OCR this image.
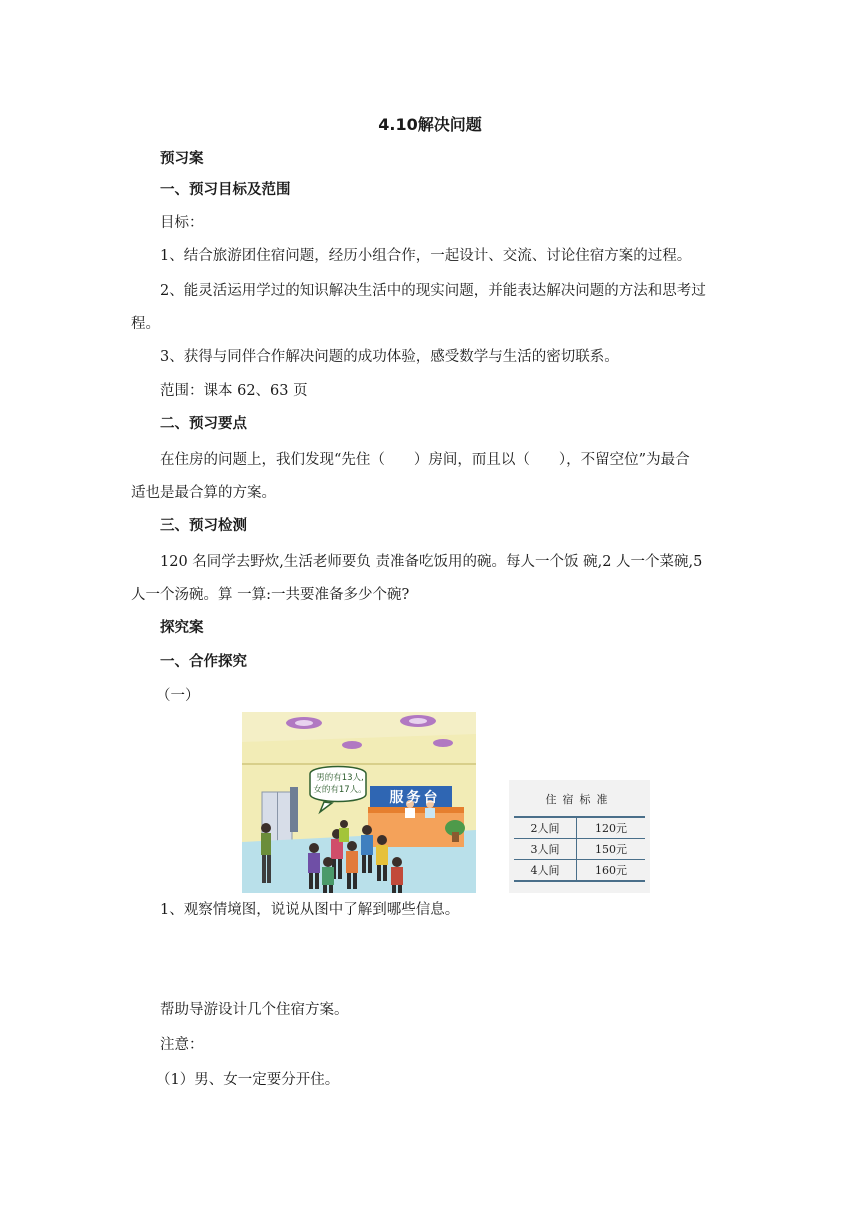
4.10解决问题
预习案
一、预习目标及范围
目标：
1、结合旅游团住宿问题，经历小组合作，一起设计、交流、讨论住宿方案的过程。
2、能灵活运用学过的知识解决生活中的现实问题，并能表达解决问题的方法和思考过
程。
3、获得与同伴合作解决问题的成功体验，感受数学与生活的密切联系。
范围：课本 62、63 页
二、预习要点
在住房的问题上，我们发现“先住（　　）房间，而且以（　　），不留空位”为最合
适也是最合算的方案。
三、预习检测
120 名同学去野炊,生活老师要负 责准备吃饭用的碗。每人一个饭 碗,2 人一个菜碗,5
人一个汤碗。算 一算:一共要准备多少个碗?
探究案
一、合作探究
（一）
男的有13人,
女的有17人。	服务台	住宿标准
2人间	120元
3人间	150元
4人间	160元
1、观察情境图，说说从图中了解到哪些信息。
帮助导游设计几个住宿方案。
注意：
（1）男、女一定要分开住。
